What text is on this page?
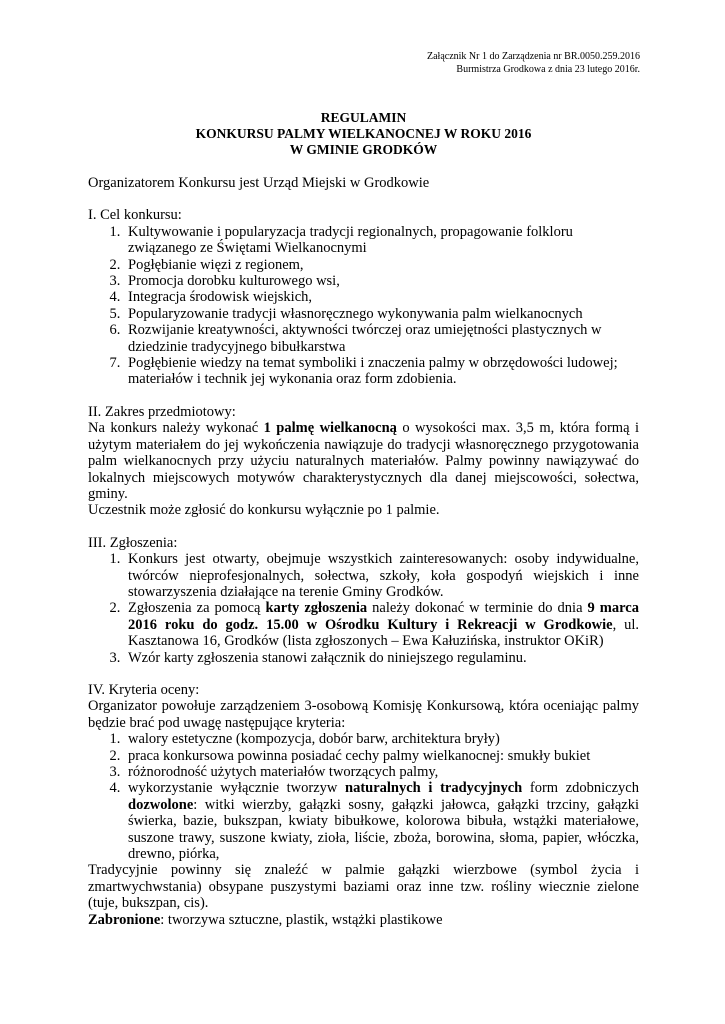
Załącznik Nr 1 do Zarządzenia nr BR.0050.259.2016
Burmistrza Grodkowa z dnia 23 lutego 2016r.
REGULAMIN
KONKURSU PALMY WIELKANOCNEJ W ROKU 2016
W GMINIE GRODKÓW

Organizatorem Konkursu jest Urząd Miejski w Grodkowie

I. Cel konkursu:

1. Kultywowanie i popularyzacja tradycji regionalnych, propagowanie folkloru związanego ze Świętami Wielkanocnymi
2. Pogłębianie więzi z regionem,
3. Promocja dorobku kulturowego wsi,
4. Integracja środowisk wiejskich,
5. Popularyzowanie tradycji własnoręcznego wykonywania palm wielkanocnych
6. Rozwijanie kreatywności, aktywności twórczej oraz umiejętności plastycznych w dziedzinie tradycyjnego bibułkarstwa
7. Pogłębienie wiedzy na temat symboliki i znaczenia palmy w obrzędowości ludowej; materiałów i technik jej wykonania oraz form zdobienia.

II. Zakres przedmiotowy:

Na konkurs należy wykonać 1 palmę wielkanocną o wysokości max. 3,5 m, która formą i użytym materiałem do jej wykończenia nawiązuje do tradycji własnoręcznego przygotowania palm wielkanocnych przy użyciu naturalnych materiałów. Palmy powinny nawiązywać do lokalnych miejscowych motywów charakterystycznych dla danej miejscowości, sołectwa, gminy.

Uczestnik może zgłosić do konkursu wyłącznie po 1 palmie.

III. Zgłoszenia:

1. Konkurs jest otwarty, obejmuje wszystkich zainteresowanych: osoby indywidualne, twórców nieprofesjonalnych, sołectwa, szkoły, koła gospodyń wiejskich i inne stowarzyszenia działające na terenie Gminy Grodków.
2. Zgłoszenia za pomocą karty zgłoszenia należy dokonać w terminie do dnia 9 marca 2016 roku do godz. 15.00 w Ośrodku Kultury i Rekreacji w Grodkowie, ul. Kasztanowa 16, Grodków (lista zgłoszonych – Ewa Kałuzińska, instruktor OKiR)
3. Wzór karty zgłoszenia stanowi załącznik do niniejszego regulaminu.

IV. Kryteria oceny:

Organizator powołuje zarządzeniem 3-osobową Komisję Konkursową, która oceniając palmy będzie brać pod uwagę następujące kryteria:

1. walory estetyczne (kompozycja, dobór barw, architektura bryły)
2. praca konkursowa powinna posiadać cechy palmy wielkanocnej: smukły bukiet
3. różnorodność użytych materiałów tworzących palmy,
4. wykorzystanie wyłącznie tworzyw naturalnych i tradycyjnych form zdobniczych dozwolone: witki wierzby, gałązki sosny, gałązki jałowca, gałązki trzciny, gałązki świerka, bazie, bukszpan, kwiaty bibułkowe, kolorowa bibuła, wstążki materiałowe, suszone trawy, suszone kwiaty, zioła, liście, zboża, borowina, słoma, papier, włóczka, drewno, piórka,

Tradycyjnie powinny się znaleźć w palmie gałązki wierzbowe (symbol życia i zmartwychwstania) obsypane puszystymi baziami oraz inne tzw. rośliny wiecznie zielone (tuje, bukszpan, cis).

Zabronione: tworzywa sztuczne, plastik, wstążki plastikowe
